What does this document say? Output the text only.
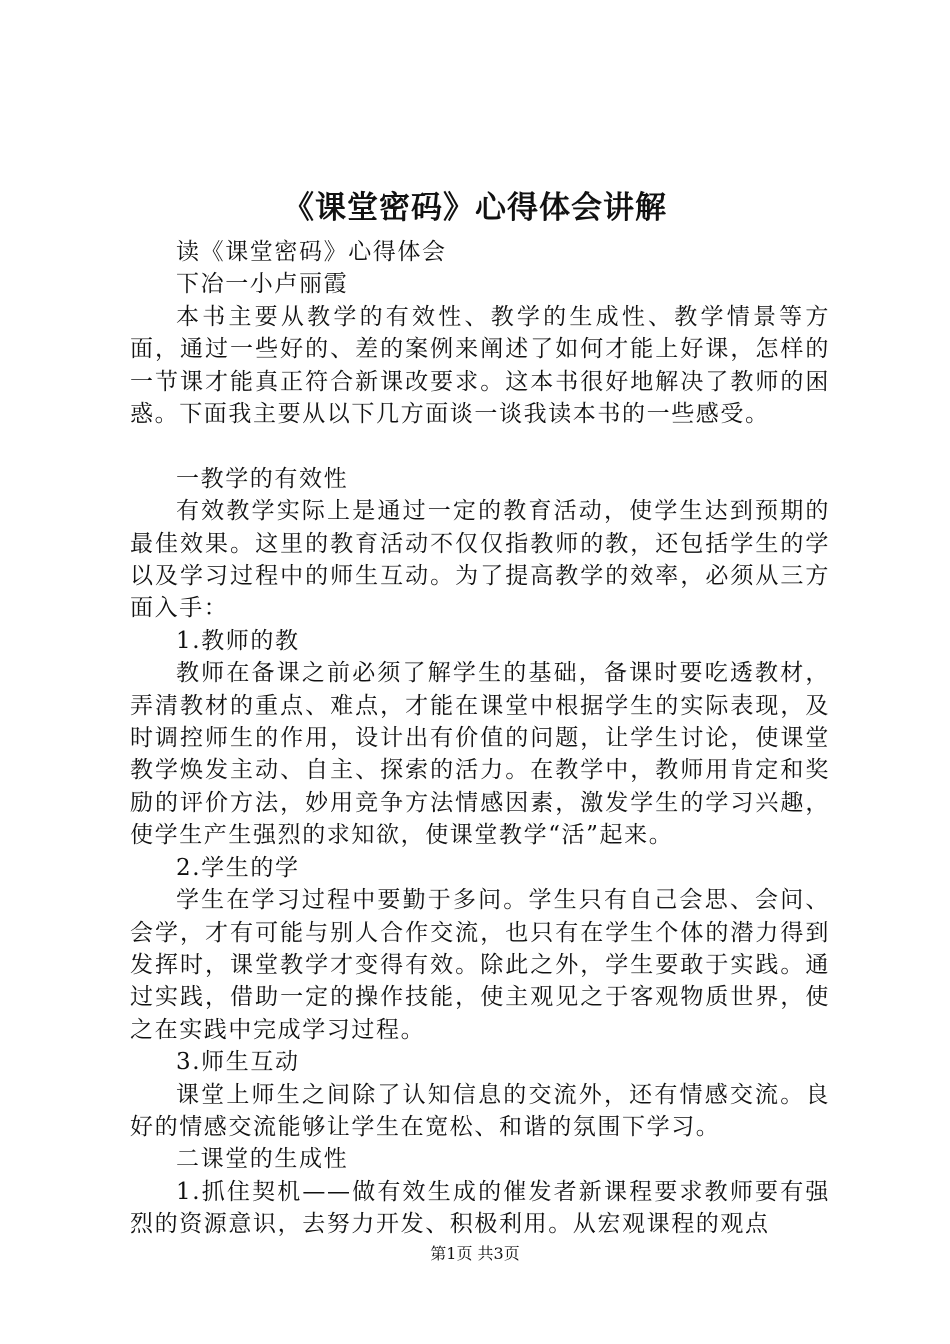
《课堂密码》心得体会讲解

读《课堂密码》心得体会

下冶一小卢丽霞

本书主要从教学的有效性、教学的生成性、教学情景等方面，通过一些好的、差的案例来阐述了如何才能上好课，怎样的一节课才能真正符合新课改要求。这本书很好地解决了教师的困惑。下面我主要从以下几方面谈一谈我读本书的一些感受。

一教学的有效性

有效教学实际上是通过一定的教育活动，使学生达到预期的最佳效果。这里的教育活动不仅仅指教师的教，还包括学生的学以及学习过程中的师生互动。为了提高教学的效率，必须从三方面入手：

1.教师的教

教师在备课之前必须了解学生的基础，备课时要吃透教材，弄清教材的重点、难点，才能在课堂中根据学生的实际表现，及时调控师生的作用，设计出有价值的问题，让学生讨论，使课堂教学焕发主动、自主、探索的活力。在教学中，教师用肯定和奖励的评价方法，妙用竞争方法情感因素，激发学生的学习兴趣，使学生产生强烈的求知欲，使课堂教学“活”起来。

2.学生的学

学生在学习过程中要勤于多问。学生只有自己会思、会问、会学，才有可能与别人合作交流，也只有在学生个体的潜力得到发挥时，课堂教学才变得有效。除此之外，学生要敢于实践。通过实践，借助一定的操作技能，使主观见之于客观物质世界，使之在实践中完成学习过程。

3.师生互动

课堂上师生之间除了认知信息的交流外，还有情感交流。良好的情感交流能够让学生在宽松、和谐的氛围下学习。

二课堂的生成性

1.抓住契机——做有效生成的催发者新课程要求教师要有强烈的资源意识，去努力开发、积极利用。从宏观课程的观点

第1页 共3页
